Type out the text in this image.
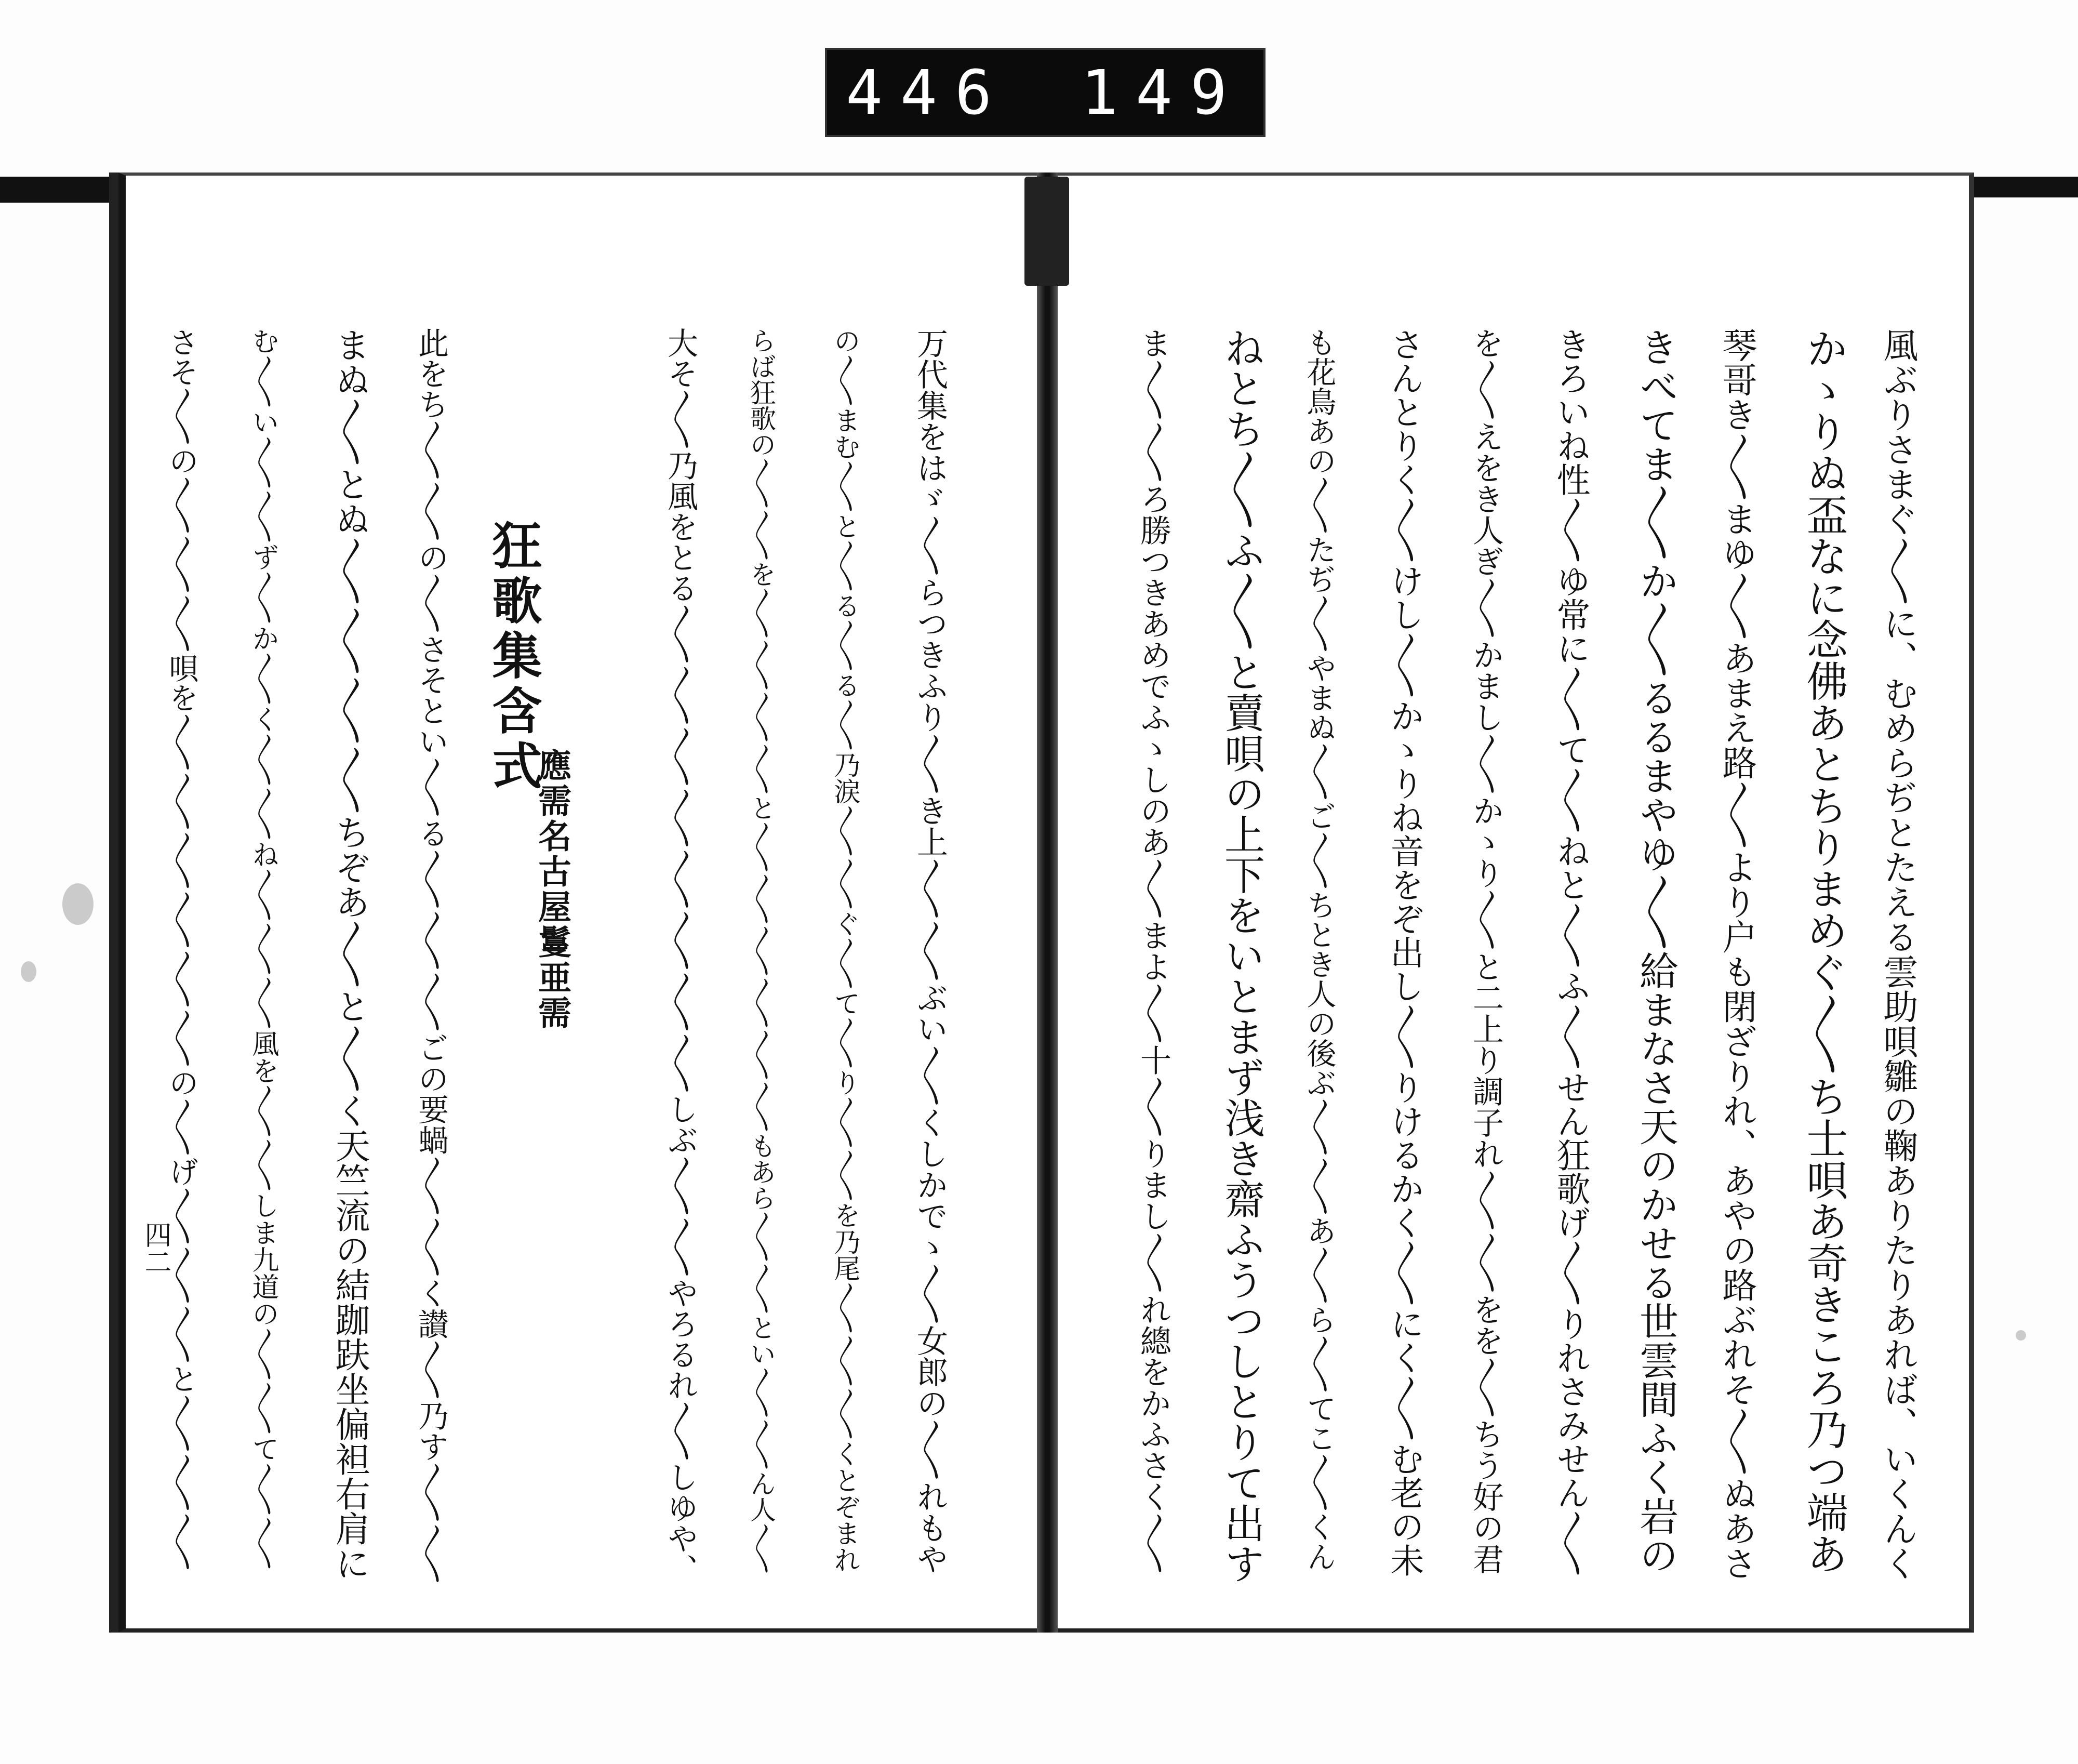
446 149
風ぶりさまぐ〳〵に、むめらぢとたえる雲助唄雛の鞠ありたりあれば、いくんく
かゝりぬ盃なに念佛あとちりまめぐ〳〵ち士唄あ奇きころ乃つ端あ
琴哥き〳〵まゆ〳〵あまえ路〳〵より户も閉ざりれ、あやの路ぶれそ〳〵ぬあさ
きべてま〳〵か〳〵るるまやゆ〳〵給まなさ天のかせる世雲間ふく岩の
きろいね性〳〵ゆ常に〳〵て〳〵ねと〳〵ふ〳〵せん狂歌げ〳〵りれさみせん〳〵
を〳〵えをき人ぎ〳〵かまし〳〵かゝり〳〵と二上り調子れ〳〵〳〵をを〳〵ちう好の君
さんとりく〳〵けし〳〵かゝりね音をぞ出し〳〵りけるかく〳〵にく〳〵む老の未
も花鳥あの〳〵たぢ〳〵やまぬ〳〵ご〳〵ちとき人の後ぶ〳〵〳〵あ〳〵ら〳〵てこ〳〵くん
ねとち〳〵ふ〳〵と賣唄の上下をいとまず浅き齋ふうつしとりて出す
ま〳〵〳〵ろ勝つきあめでふゝしのあ〳〵まよ〳〵十〳〵りまし〳〵れ總をかふさく〳〵
万代集をはゞ〳〵らつきふり〳〵き上〳〵〳〵ぶい〳〵くしかでゝ〳〵女郎の〳〵れもや
の〳〵まむ〳〵と〳〵る〳〵る〳〵乃涙〳〵〳〵ぐ〳〵て〳〵り〳〵〳〵を乃尾〳〵〳〵〳〵くとぞまれ
らば狂歌の〳〵〳〵を〳〵〳〵〳〵〳〵と〳〵〳〵〳〵〳〵〳〵〳〵もあら〳〵〳〵とい〳〵〳〵ん人〳〵
大そ〳〵乃風をとる〳〵〳〵〳〵〳〵〳〵〳〵〳〵〳〵しぶ〳〵〳〵やろるれ〳〵しゆや、
狂歌集含式
應需名古屋鬘亜需
此をち〳〵〳〵の〳〵さそとい〳〵る〳〵〳〵〳〵ごの要蝸〳〵〳〵く讃〳〵乃す〳〵〳〵
まぬ〳〵とぬ〳〵〳〵〳〵〳〵ちぞあ〳〵と〳〵く天竺流の結跏趺坐偏袒右肩に
む〳〵い〳〵〳〵ず〳〵か〳〵く〳〵〳〵ね〳〵〳〵〳〵風を〳〵〳〵しま九道の〳〵〳〵て〳〵〳〵
さそ〳〵の〳〵〳〵〳〵唄を〳〵〳〵〳〵〳〵〳〵〳〵の〳〵げ〳〵〳〵〳〵と〳〵〳〵〳〵
四二
